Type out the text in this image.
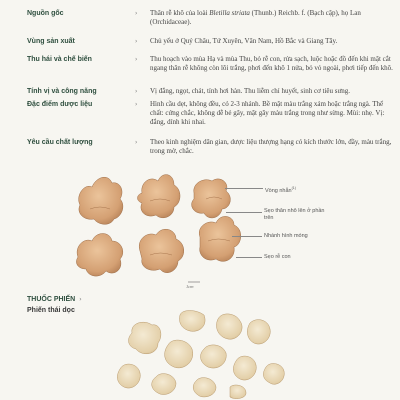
Nguồn gốc	›	Thân rễ khô của loài Bletilla striata (Thunb.) Reichb. f. (Bạch cập), họ Lan (Orchidaceae).
Vùng sản xuất	›	Chủ yếu ở Quý Châu, Tứ Xuyên, Vân Nam, Hồ Bắc và Giang Tây.
Thu hái và chế biến	›	Thu hoạch vào mùa Hạ và mùa Thu, bỏ rễ con, rửa sạch, luộc hoặc đồ đến khi mặt cắt ngang thân rễ không còn lõi trắng, phơi đến khô 1 nửa, bỏ vỏ ngoài, phơi tiếp đến khô.
Tính vị và công năng	›	Vị đắng, ngọt, chát, tính hơi hàn. Thu liễm chỉ huyết, sinh cơ tiêu sưng.
Đặc điểm dược liệu	›	Hình cầu dẹt, không đều, có 2-3 nhánh. Bề mặt màu trắng xám hoặc trắng ngà. Thể chất: cứng chắc, không dễ bẻ gãy, mặt gãy màu trắng trong như sừng. Mùi: nhẹ. Vị: đắng, dính khi nhai.
Yêu cầu chất lượng	›	Theo kinh nghiệm dân gian, dược liệu thượng hạng có kích thước lớn, đầy, màu trắng, trong mờ, chắc.
Vòng nhẵn$^{(1)}$
Sẹo thân nhô lên ở phần trên
Nhánh hình móng
Sẹo rễ con
1cm
THUỐC PHIẾN ›
Phiến thái dọc
